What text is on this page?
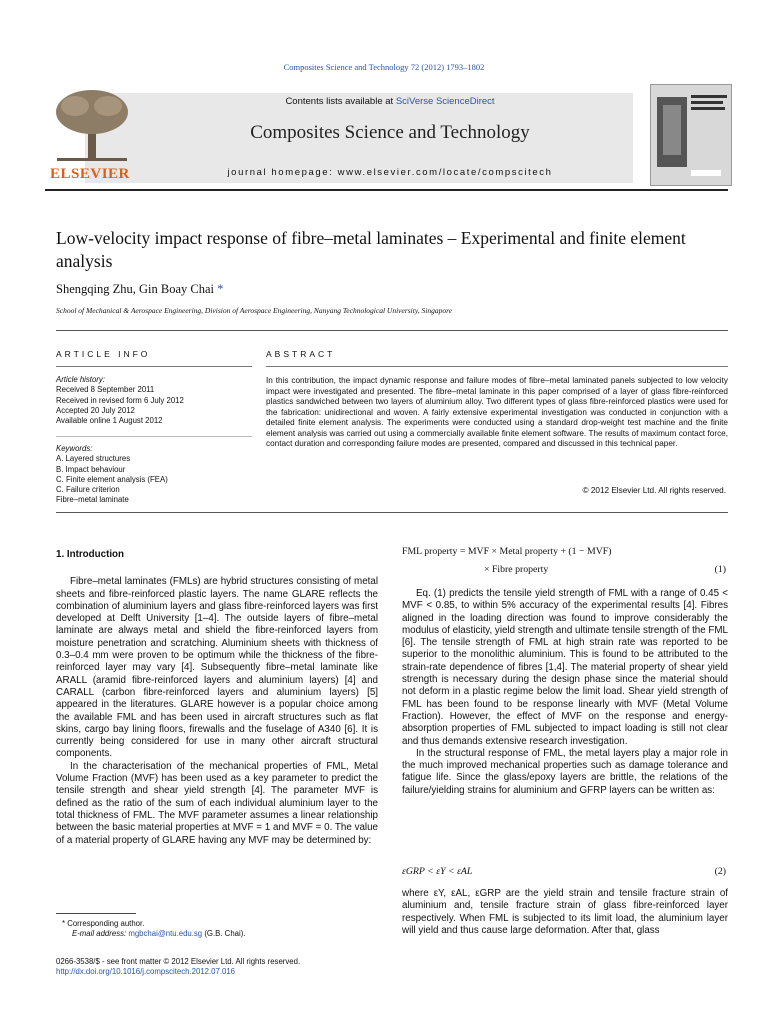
Composites Science and Technology 72 (2012) 1793–1802
ELSEVIER
Contents lists available at SciVerse ScienceDirect
Composites Science and Technology
journal homepage: www.elsevier.com/locate/compscitech
Low-velocity impact response of fibre–metal laminates – Experimental and finite element analysis
Shengqing Zhu, Gin Boay Chai *
School of Mechanical & Aerospace Engineering, Division of Aerospace Engineering, Nanyang Technological University, Singapore
ARTICLE INFO
Article history:
Received 8 September 2011
Received in revised form 6 July 2012
Accepted 20 July 2012
Available online 1 August 2012
Keywords:
A. Layered structures
B. Impact behaviour
C. Finite element analysis (FEA)
C. Failure criterion
Fibre–metal laminate
ABSTRACT
In this contribution, the impact dynamic response and failure modes of fibre–metal laminated panels subjected to low velocity impact were investigated and presented. The fibre–metal laminate in this paper comprised of a layer of glass fibre-reinforced plastics sandwiched between two layers of aluminium alloy. Two different types of glass fibre-reinforced plastics were used for the fabrication: unidirectional and woven. A fairly extensive experimental investigation was conducted in conjunction with a detailed finite element analysis. The experiments were conducted using a standard drop-weight test machine and the finite element analysis was carried out using a commercially available finite element software. The results of maximum contact force, contact duration and corresponding failure modes are presented, compared and discussed in this technical paper.
© 2012 Elsevier Ltd. All rights reserved.
1. Introduction

Fibre–metal laminates (FMLs) are hybrid structures consisting of metal sheets and fibre-reinforced plastic layers. The name GLARE reflects the combination of aluminium layers and glass fibre-reinforced layers was first developed at Delft University [1–4]. The outside layers of fibre–metal laminate are always metal and shield the fibre-reinforced layers from moisture penetration and scratching. Aluminium sheets with thickness of 0.3–0.4 mm were proven to be optimum while the thickness of the fibre-reinforced layer may vary [4]. Subsequently fibre–metal laminate like ARALL (aramid fibre-reinforced layers and aluminium layers) [4] and CARALL (carbon fibre-reinforced layers and aluminium layers) [5] appeared in the literatures. GLARE however is a popular choice among the available FML and has been used in aircraft structures such as flat skins, cargo bay lining floors, firewalls and the fuselage of A340 [6]. It is currently being considered for use in many other aircraft structural components.

In the characterisation of the mechanical properties of FML, Metal Volume Fraction (MVF) has been used as a key parameter to predict the tensile strength and shear yield strength [4]. The parameter MVF is defined as the ratio of the sum of each individual aluminium layer to the total thickness of FML. The MVF parameter assumes a linear relationship between the basic material properties at MVF = 1 and MVF = 0. The value of a material property of GLARE having any MVF may be determined by:

* Corresponding author.
E-mail address: mgbchai@ntu.edu.sg (G.B. Chai).
0266-3538/$ - see front matter © 2012 Elsevier Ltd. All rights reserved.
http://dx.doi.org/10.1016/j.compscitech.2012.07.016
FML property = MVF × Metal property + (1 − MVF)
× Fibre property	(1)

Eq. (1) predicts the tensile yield strength of FML with a range of 0.45 < MVF < 0.85, to within 5% accuracy of the experimental results [4]. Fibres aligned in the loading direction was found to improve considerably the modulus of elasticity, yield strength and ultimate tensile strength of the FML [6]. The tensile strength of FML at high strain rate was reported to be superior to the monolithic aluminium. This is found to be attributed to the strain-rate dependence of fibres [1,4]. The material property of shear yield strength is necessary during the design phase since the material should not deform in a plastic regime below the limit load. Shear yield strength of FML has been found to be response linearly with MVF (Metal Volume Fraction). However, the effect of MVF on the response and energy-absorption properties of FML subjected to impact loading is still not clear and thus demands extensive research investigation.

In the structural response of FML, the metal layers play a major role in the much improved mechanical properties such as damage tolerance and fatigue life. Since the glass/epoxy layers are brittle, the relations of the failure/yielding strains for aluminium and GFRP layers can be written as:

εGRP < εY < εAL	(2)

where εY, εAL, εGRP are the yield strain and tensile fracture strain of aluminium and, tensile fracture strain of glass fibre-reinforced layer respectively. When FML is subjected to its limit load, the aluminium layer will yield and thus cause large deformation. After that, glass
